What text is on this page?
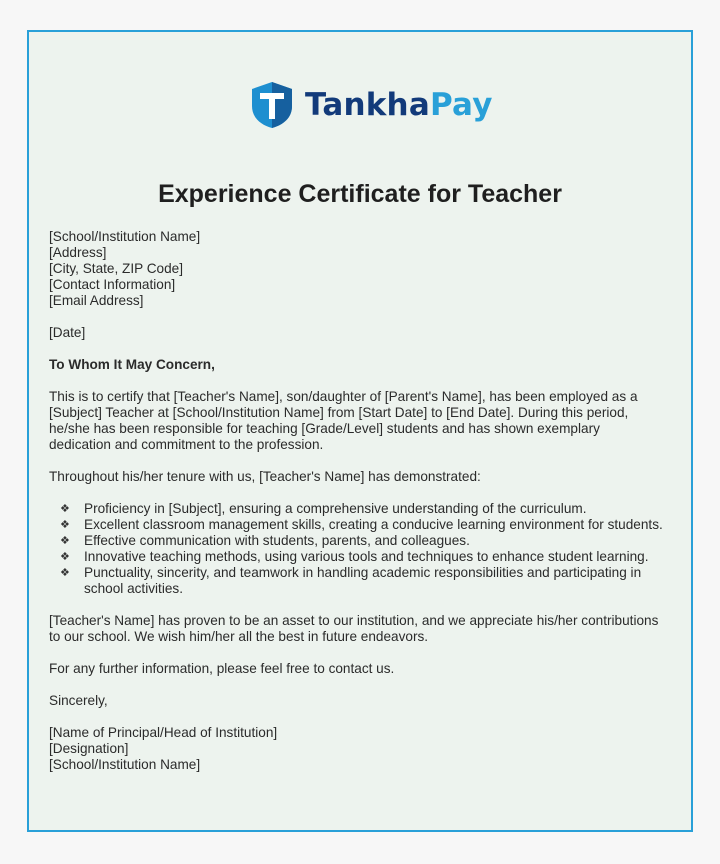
TankhaPay
Experience Certificate for Teacher
[School/Institution Name]
[Address]
[City, State, ZIP Code]
[Contact Information]
[Email Address]
[Date]
To Whom It May Concern,
This is to certify that [Teacher's Name], son/daughter of [Parent's Name], has been employed as a [Subject] Teacher at [School/Institution Name] from [Start Date] to [End Date]. During this period, he/she has been responsible for teaching [Grade/Level] students and has shown exemplary dedication and commitment to the profession.
Throughout his/her tenure with us, [Teacher's Name] has demonstrated:
❖ Proficiency in [Subject], ensuring a comprehensive understanding of the curriculum.
❖ Excellent classroom management skills, creating a conducive learning environment for students.
❖ Effective communication with students, parents, and colleagues.
❖ Innovative teaching methods, using various tools and techniques to enhance student learning.
❖ Punctuality, sincerity, and teamwork in handling academic responsibilities and participating in school activities.
[Teacher's Name] has proven to be an asset to our institution, and we appreciate his/her contributions to our school. We wish him/her all the best in future endeavors.
For any further information, please feel free to contact us.
Sincerely,
[Name of Principal/Head of Institution]
[Designation]
[School/Institution Name]
